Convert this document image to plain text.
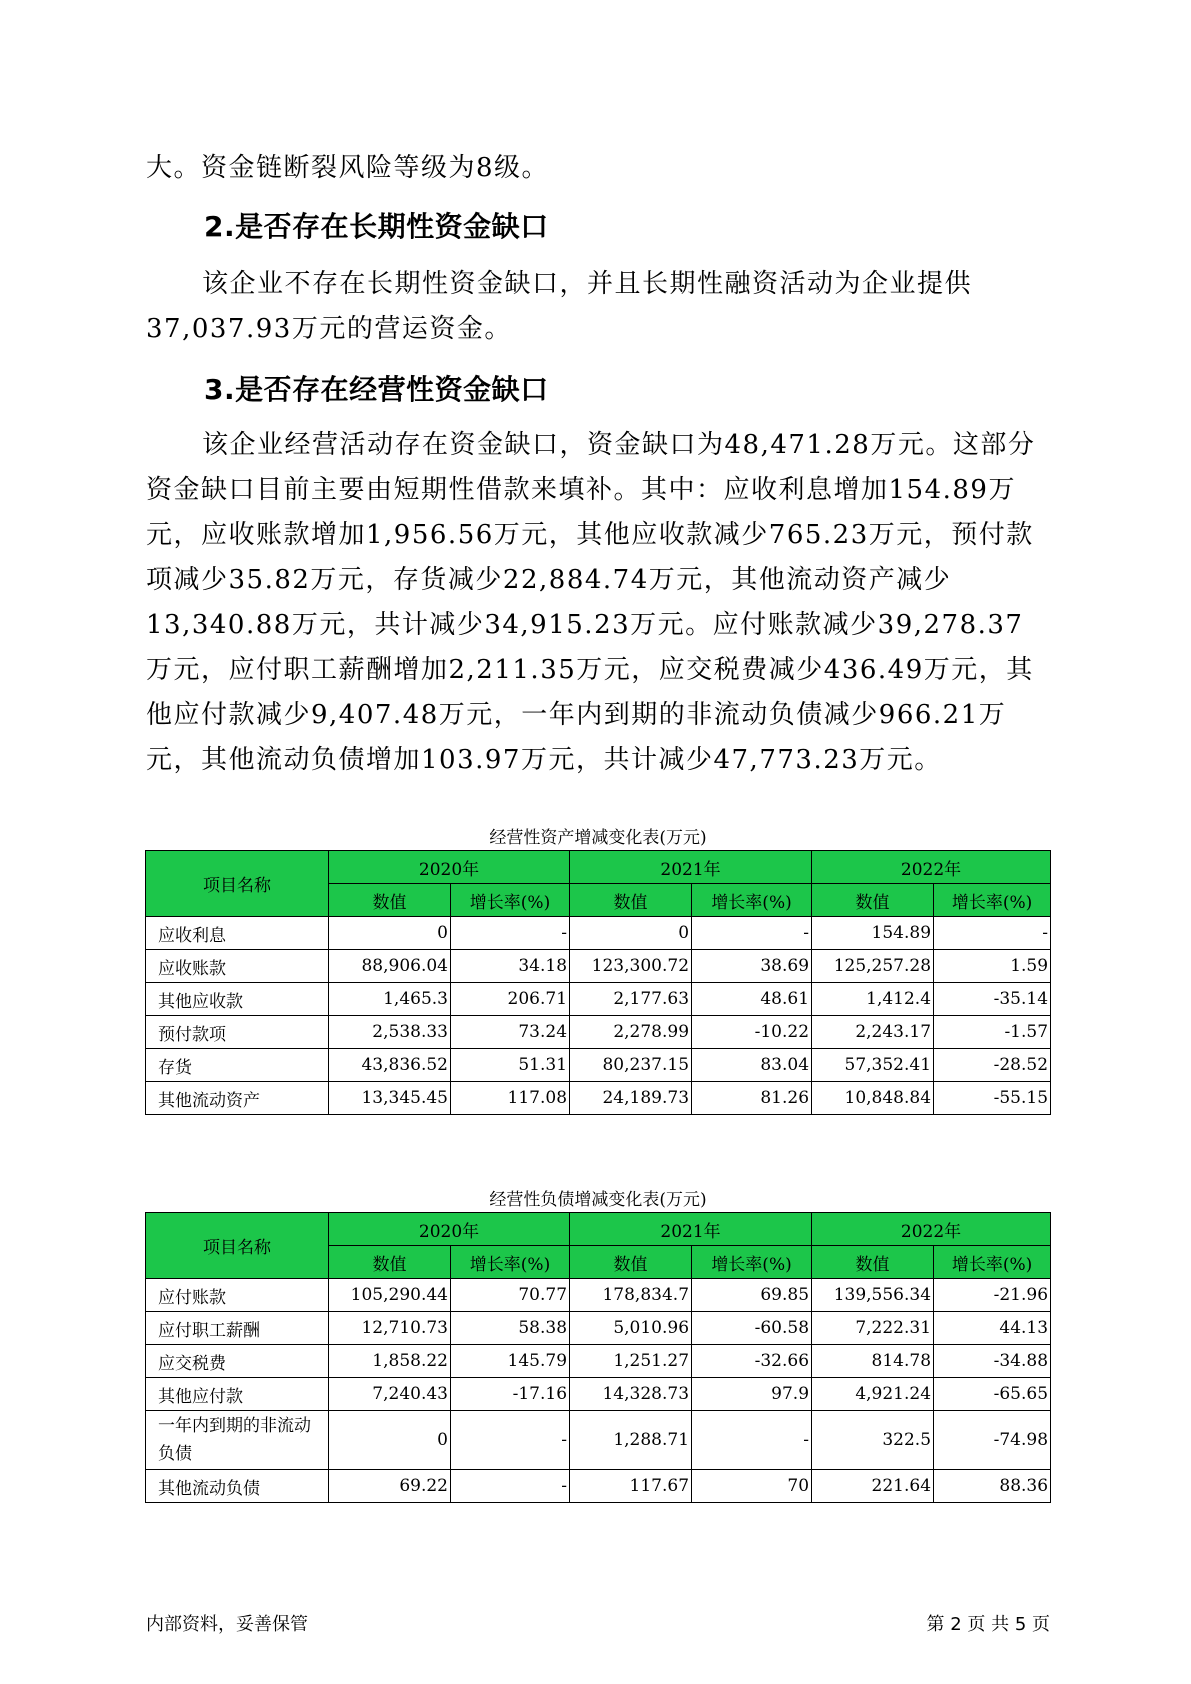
大。资金链断裂风险等级为8级。

2.是否存在长期性资金缺口

该企业不存在长期性资金缺口，并且长期性融资活动为企业提供37,037.93万元的营运资金。

3.是否存在经营性资金缺口

该企业经营活动存在资金缺口，资金缺口为48,471.28万元。这部分资金缺口目前主要由短期性借款来填补。其中：应收利息增加154.89万元，应收账款增加1,956.56万元，其他应收款减少765.23万元，预付款项减少35.82万元，存货减少22,884.74万元，其他流动资产减少13,340.88万元，共计减少34,915.23万元。应付账款减少39,278.37万元，应付职工薪酬增加2,211.35万元，应交税费减少436.49万元，其他应付款减少9,407.48万元，一年内到期的非流动负债减少966.21万元，其他流动负债增加103.97万元，共计减少47,773.23万元。

经营性资产增减变化表(万元)

项目名称	2020年		2021年		2022年	
	数值	增长率(%)	数值	增长率(%)	数值	增长率(%)
应收利息	0	-	0	-	154.89	-
应收账款	88,906.04	34.18	123,300.72	38.69	125,257.28	1.59
其他应收款	1,465.3	206.71	2,177.63	48.61	1,412.4	-35.14
预付款项	2,538.33	73.24	2,278.99	-10.22	2,243.17	-1.57
存货	43,836.52	51.31	80,237.15	83.04	57,352.41	-28.52
其他流动资产	13,345.45	117.08	24,189.73	81.26	10,848.84	-55.15

经营性负债增减变化表(万元)

项目名称	2020年		2021年		2022年	
	数值	增长率(%)	数值	增长率(%)	数值	增长率(%)
应付账款	105,290.44	70.77	178,834.7	69.85	139,556.34	-21.96
应付职工薪酬	12,710.73	58.38	5,010.96	-60.58	7,222.31	44.13
应交税费	1,858.22	145.79	1,251.27	-32.66	814.78	-34.88
其他应付款	7,240.43	-17.16	14,328.73	97.9	4,921.24	-65.65
一年内到期的非流动负债	0	-	1,288.71	-	322.5	-74.98
其他流动负债	69.22	-	117.67	70	221.64	88.36

内部资料，妥善保管	第 2 页 共 5 页
